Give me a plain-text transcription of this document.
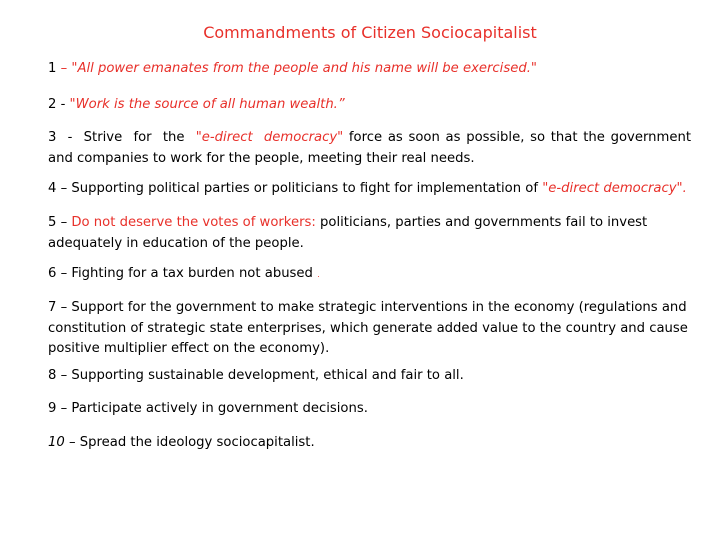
Commandments of Citizen Sociocapitalist
1 – "All power emanates from the people and his name will be exercised."
2 - "Work is the source of all human wealth.”
3 - Strive for the "e-direct democracy" force as soon as possible, so that the government and companies to work for the people, meeting their real needs.
4 – Supporting political parties or politicians to fight for implementation of "e-direct democracy".
5 – Do not deserve the votes of workers: politicians, parties and governments fail to invest adequately in education of the people.
6 – Fighting for a tax burden not abused .
7 – Support for the government to make strategic interventions in the economy (regulations and constitution of strategic state enterprises, which generate added value to the country and cause positive multiplier effect on the economy).
8 – Supporting sustainable development, ethical and fair to all.
9 – Participate actively in government decisions.
10 – Spread the ideology sociocapitalist.
